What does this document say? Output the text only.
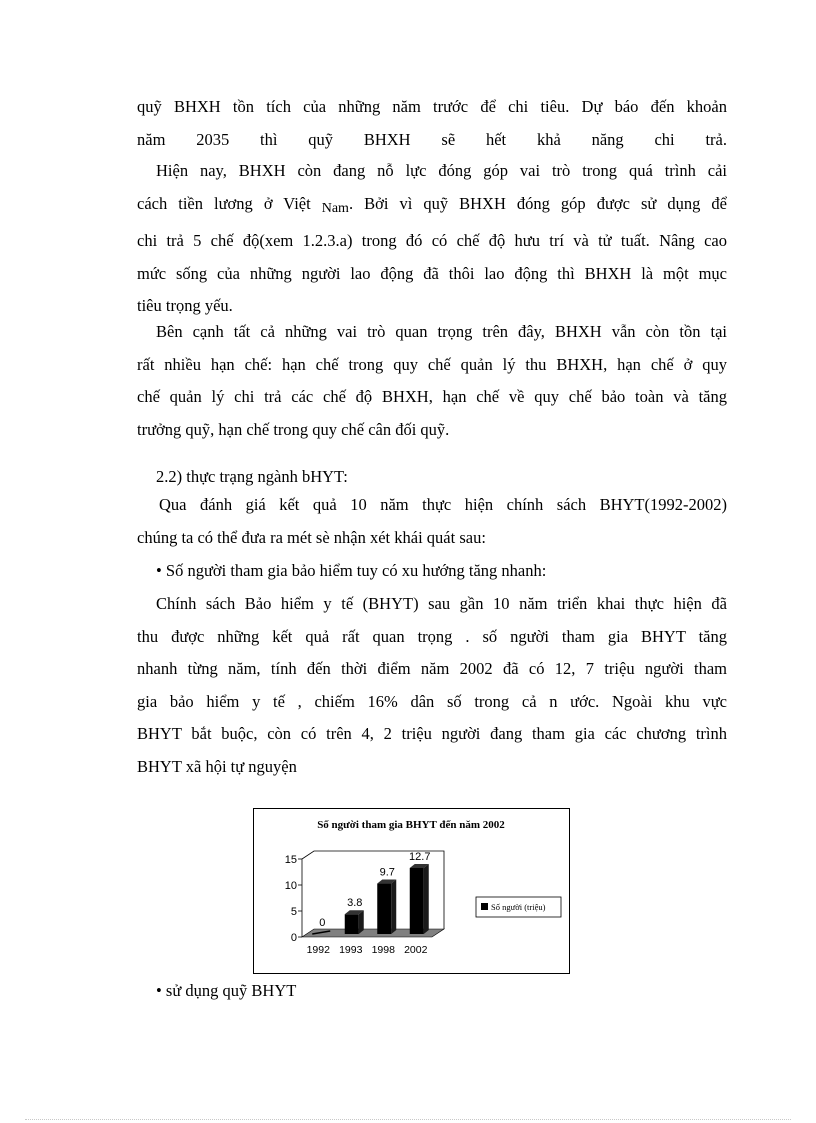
quỹ BHXH tồn tích của những năm trước để chi tiêu. Dự báo đến khoản
năm 2035 thì quỹ BHXH sẽ hết khả năng chi trả.
Hiện nay, BHXH còn đang nỗ lực đóng góp vai trò trong quá trình cải
cách tiền lương ở Việt $_{Nam}$. Bởi vì quỹ BHXH đóng góp được sử dụng để
chi trả 5 chế độ(xem 1.2.3.a) trong đó có chế độ hưu trí và tử tuất. Nâng cao
mức sống của những người lao động đã thôi lao động thì BHXH là một mục
tiêu trọng yếu.
Bên cạnh tất cả những vai trò quan trọng trên đây, BHXH vẫn còn tồn tại
rất nhiều hạn chế: hạn chế trong quy chế quản lý thu BHXH, hạn chế ở quy
chế quản lý chi trả các chế độ BHXH, hạn chế về quy chế bảo toàn và tăng
trưởng quỹ, hạn chế trong quy chế cân đối quỹ.
2.2) thực trạng ngành bHYT:
Qua đánh giá kết quả 10 năm thực hiện chính sách BHYT(1992-2002)
chúng ta có thể đưa ra mét sè nhận xét khái quát sau:
• Số người tham gia bảo hiểm tuy có xu hướng tăng nhanh:
Chính sách Bảo hiểm y tế (BHYT) sau gần 10 năm triển khai thực hiện đã
thu được những kết quả rất quan trọng . số người tham gia BHYT tăng
nhanh từng năm, tính đến thời điểm năm 2002 đã có 12, 7 triệu người tham
gia bảo hiểm y tế , chiếm 16% dân số trong cả n ước. Ngoài khu vực
BHYT bắt buộc, còn có trên 4, 2 triệu người đang tham gia các chương trình
BHYT xã hội tự nguyện
Số người tham gia BHYT đến năm 2002
0
5
10
15
0
1992
3.8
1993
9.7
1998
12.7
2002
Số người (triệu)
• sử dụng quỹ BHYT
